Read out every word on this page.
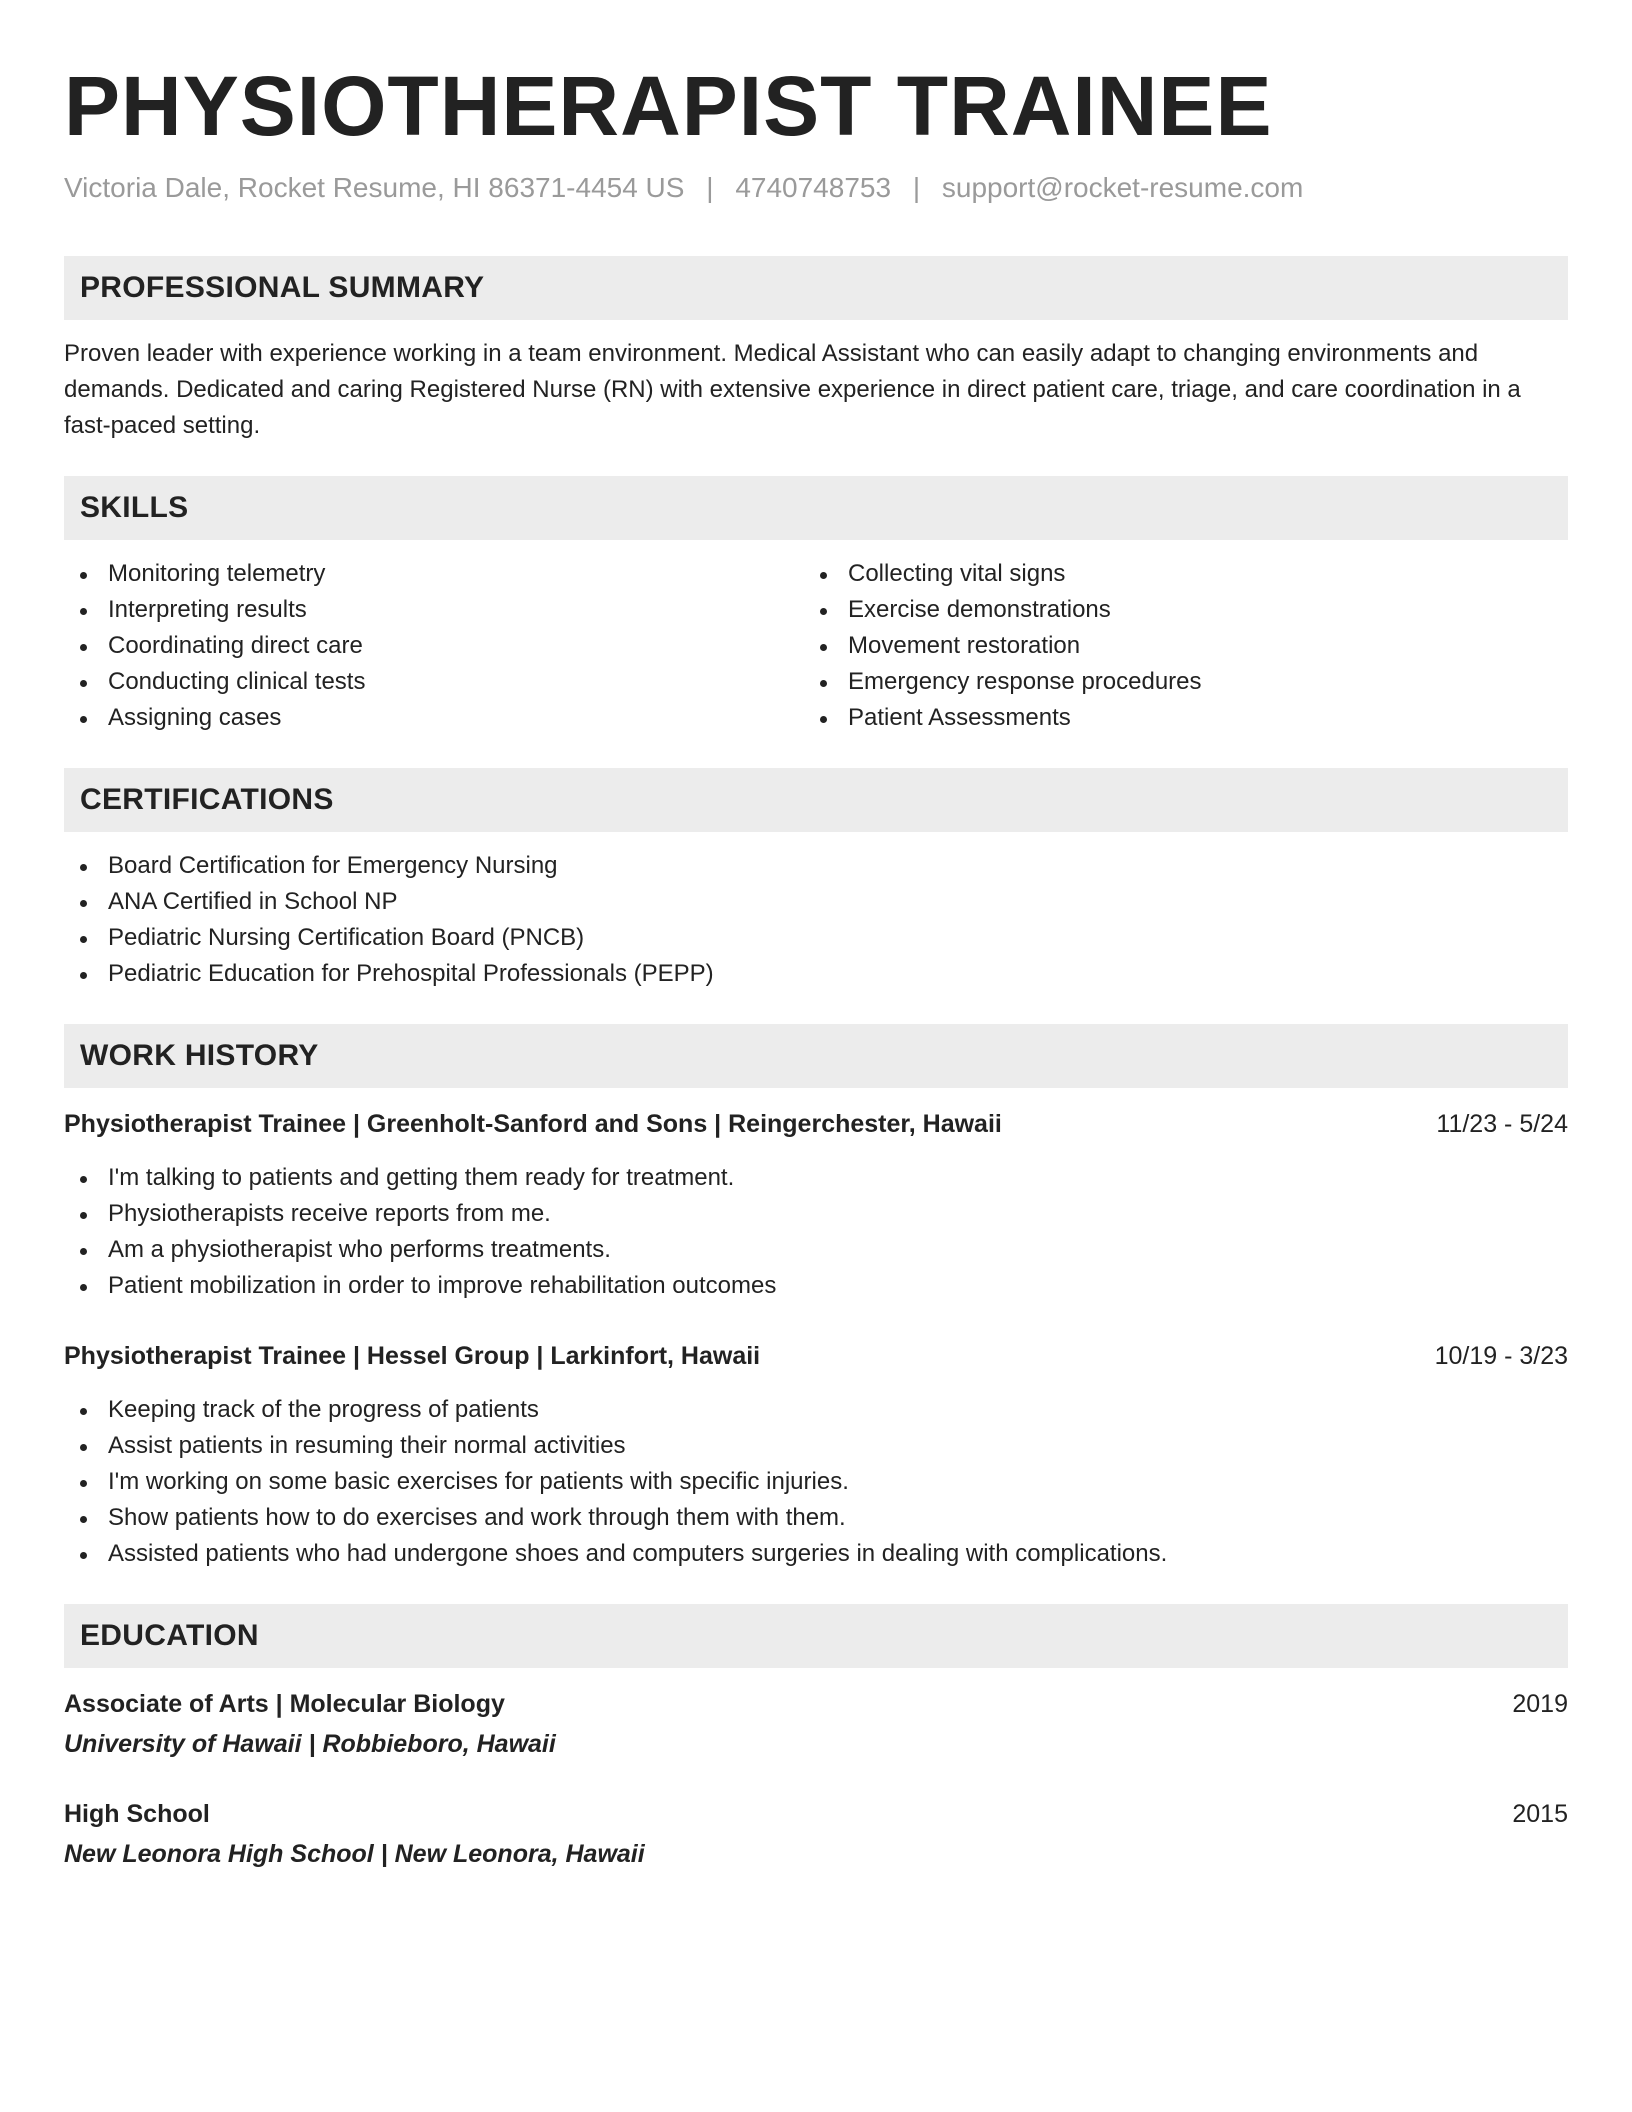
PHYSIOTHERAPIST TRAINEE
Victoria Dale, Rocket Resume, HI 86371-4454 US | 4740748753 | support@rocket-resume.com
PROFESSIONAL SUMMARY

Proven leader with experience working in a team environment. Medical Assistant who can easily adapt to changing environments and demands. Dedicated and caring Registered Nurse (RN) with extensive experience in direct patient care, triage, and care coordination in a fast-paced setting.

SKILLS
Monitoring telemetry
Interpreting results
Coordinating direct care
Conducting clinical tests
Assigning cases
Collecting vital signs
Exercise demonstrations
Movement restoration
Emergency response procedures
Patient Assessments
CERTIFICATIONS
Board Certification for Emergency Nursing
ANA Certified in School NP
Pediatric Nursing Certification Board (PNCB)
Pediatric Education for Prehospital Professionals (PEPP)
WORK HISTORY
Physiotherapist Trainee | Greenholt-Sanford and Sons | Reingerchester, Hawaii	11/23 - 5/24
I'm talking to patients and getting them ready for treatment.
Physiotherapists receive reports from me.
Am a physiotherapist who performs treatments.
Patient mobilization in order to improve rehabilitation outcomes
Physiotherapist Trainee | Hessel Group | Larkinfort, Hawaii	10/19 - 3/23
Keeping track of the progress of patients
Assist patients in resuming their normal activities
I'm working on some basic exercises for patients with specific injuries.
Show patients how to do exercises and work through them with them.
Assisted patients who had undergone shoes and computers surgeries in dealing with complications.
EDUCATION
Associate of Arts | Molecular Biology	2019
University of Hawaii | Robbieboro, Hawaii
High School	2015
New Leonora High School | New Leonora, Hawaii
